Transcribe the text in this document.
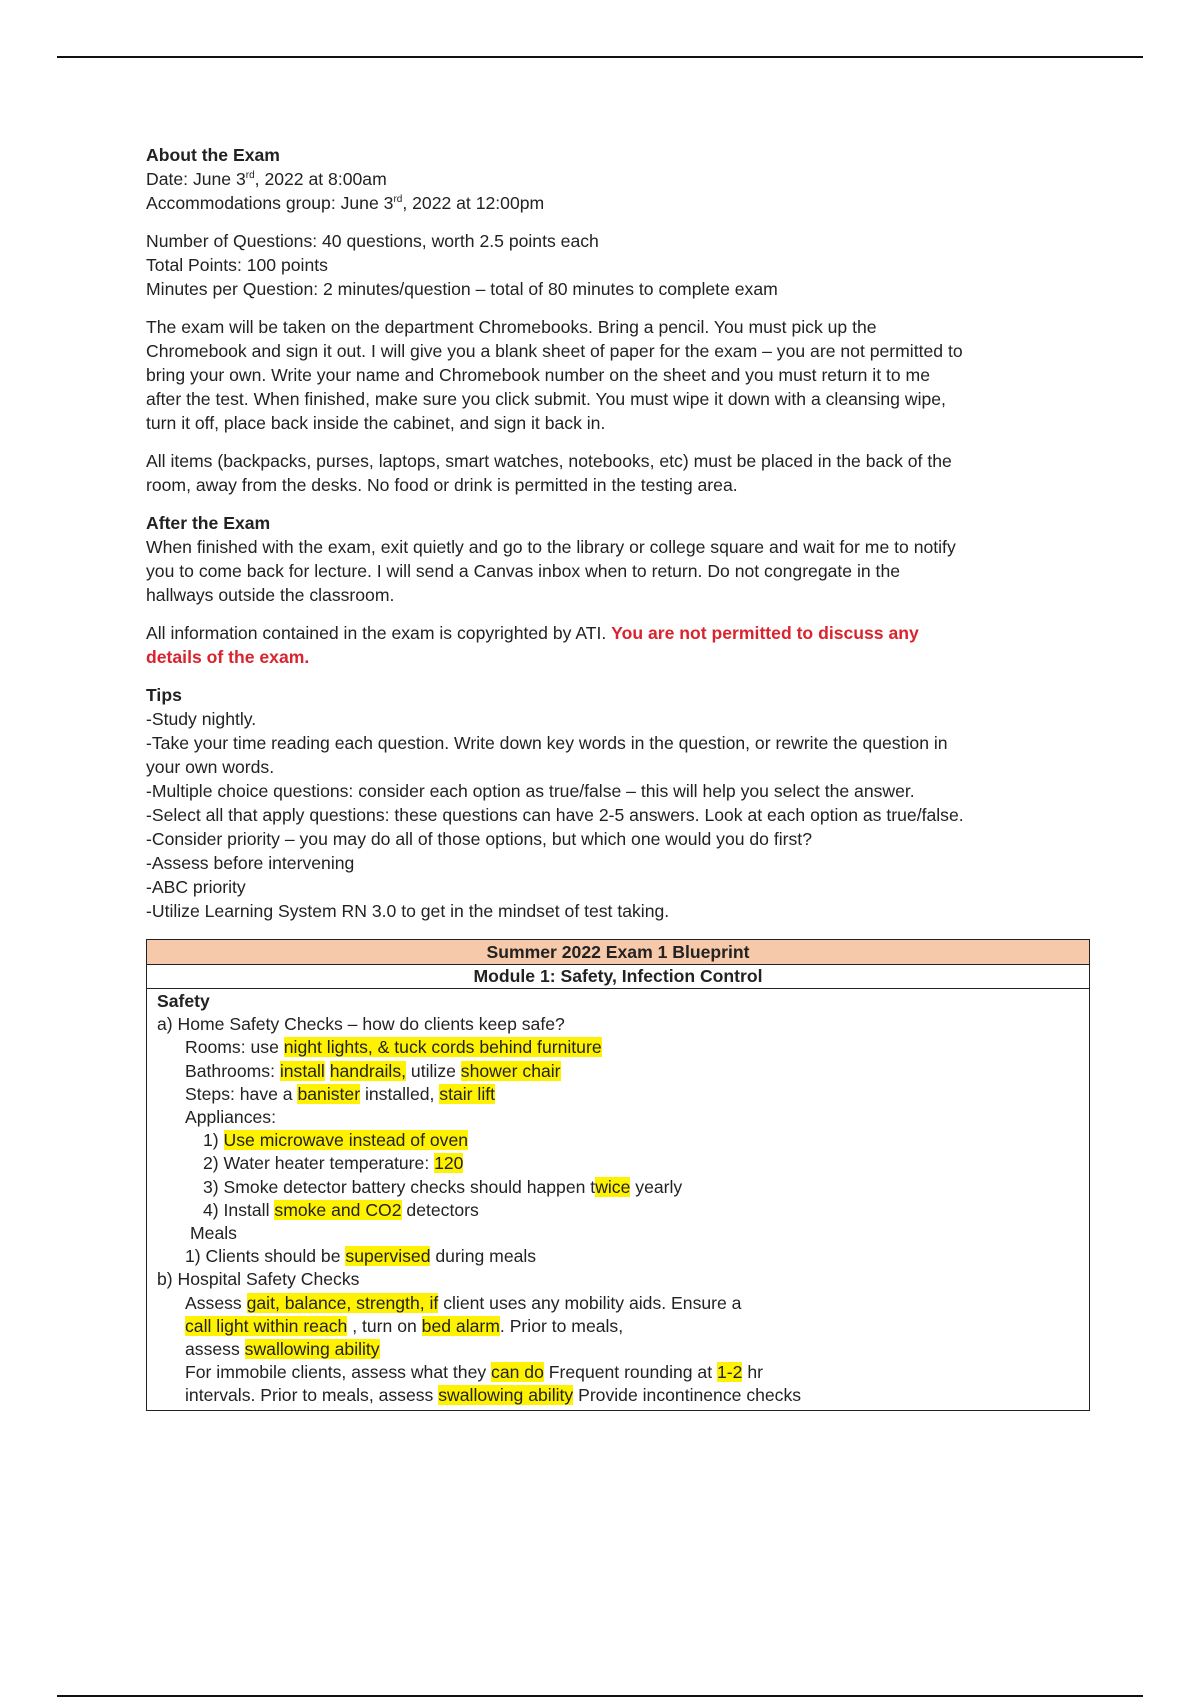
About the Exam
Date: June 3rd, 2022 at 8:00am
Accommodations group: June 3rd, 2022 at 12:00pm
Number of Questions: 40 questions, worth 2.5 points each
Total Points: 100 points
Minutes per Question: 2 minutes/question – total of 80 minutes to complete exam
The exam will be taken on the department Chromebooks. Bring a pencil. You must pick up the
Chromebook and sign it out. I will give you a blank sheet of paper for the exam – you are not permitted to
bring your own. Write your name and Chromebook number on the sheet and you must return it to me
after the test. When finished, make sure you click submit. You must wipe it down with a cleansing wipe,
turn it off, place back inside the cabinet, and sign it back in.
All items (backpacks, purses, laptops, smart watches, notebooks, etc) must be placed in the back of the
room, away from the desks. No food or drink is permitted in the testing area.
After the Exam
When finished with the exam, exit quietly and go to the library or college square and wait for me to notify
you to come back for lecture. I will send a Canvas inbox when to return. Do not congregate in the
hallways outside the classroom.
All information contained in the exam is copyrighted by ATI. You are not permitted to discuss any
details of the exam.
Tips
-Study nightly.
-Take your time reading each question. Write down key words in the question, or rewrite the question in
your own words.
-Multiple choice questions: consider each option as true/false – this will help you select the answer.
-Select all that apply questions: these questions can have 2-5 answers. Look at each option as true/false.
-Consider priority – you may do all of those options, but which one would you do first?
-Assess before intervening
-ABC priority
-Utilize Learning System RN 3.0 to get in the mindset of test taking.
Summer 2022 Exam 1 Blueprint
Module 1: Safety, Infection Control

Safety
a) Home Safety Checks – how do clients keep safe?
Rooms: use night lights, & tuck cords behind furniture
Bathrooms: install handrails, utilize shower chair
Steps: have a banister installed, stair lift
Appliances:
1) Use microwave instead of oven
2) Water heater temperature: 120
3) Smoke detector battery checks should happen twice yearly
4) Install smoke and CO2 detectors
Meals
1) Clients should be supervised during meals
b) Hospital Safety Checks
Assess gait, balance, strength, if client uses any mobility aids. Ensure a
call light within reach , turn on bed alarm. Prior to meals,
assess swallowing ability
For immobile clients, assess what they can do Frequent rounding at 1-2 hr
intervals. Prior to meals, assess swallowing ability Provide incontinence checks
